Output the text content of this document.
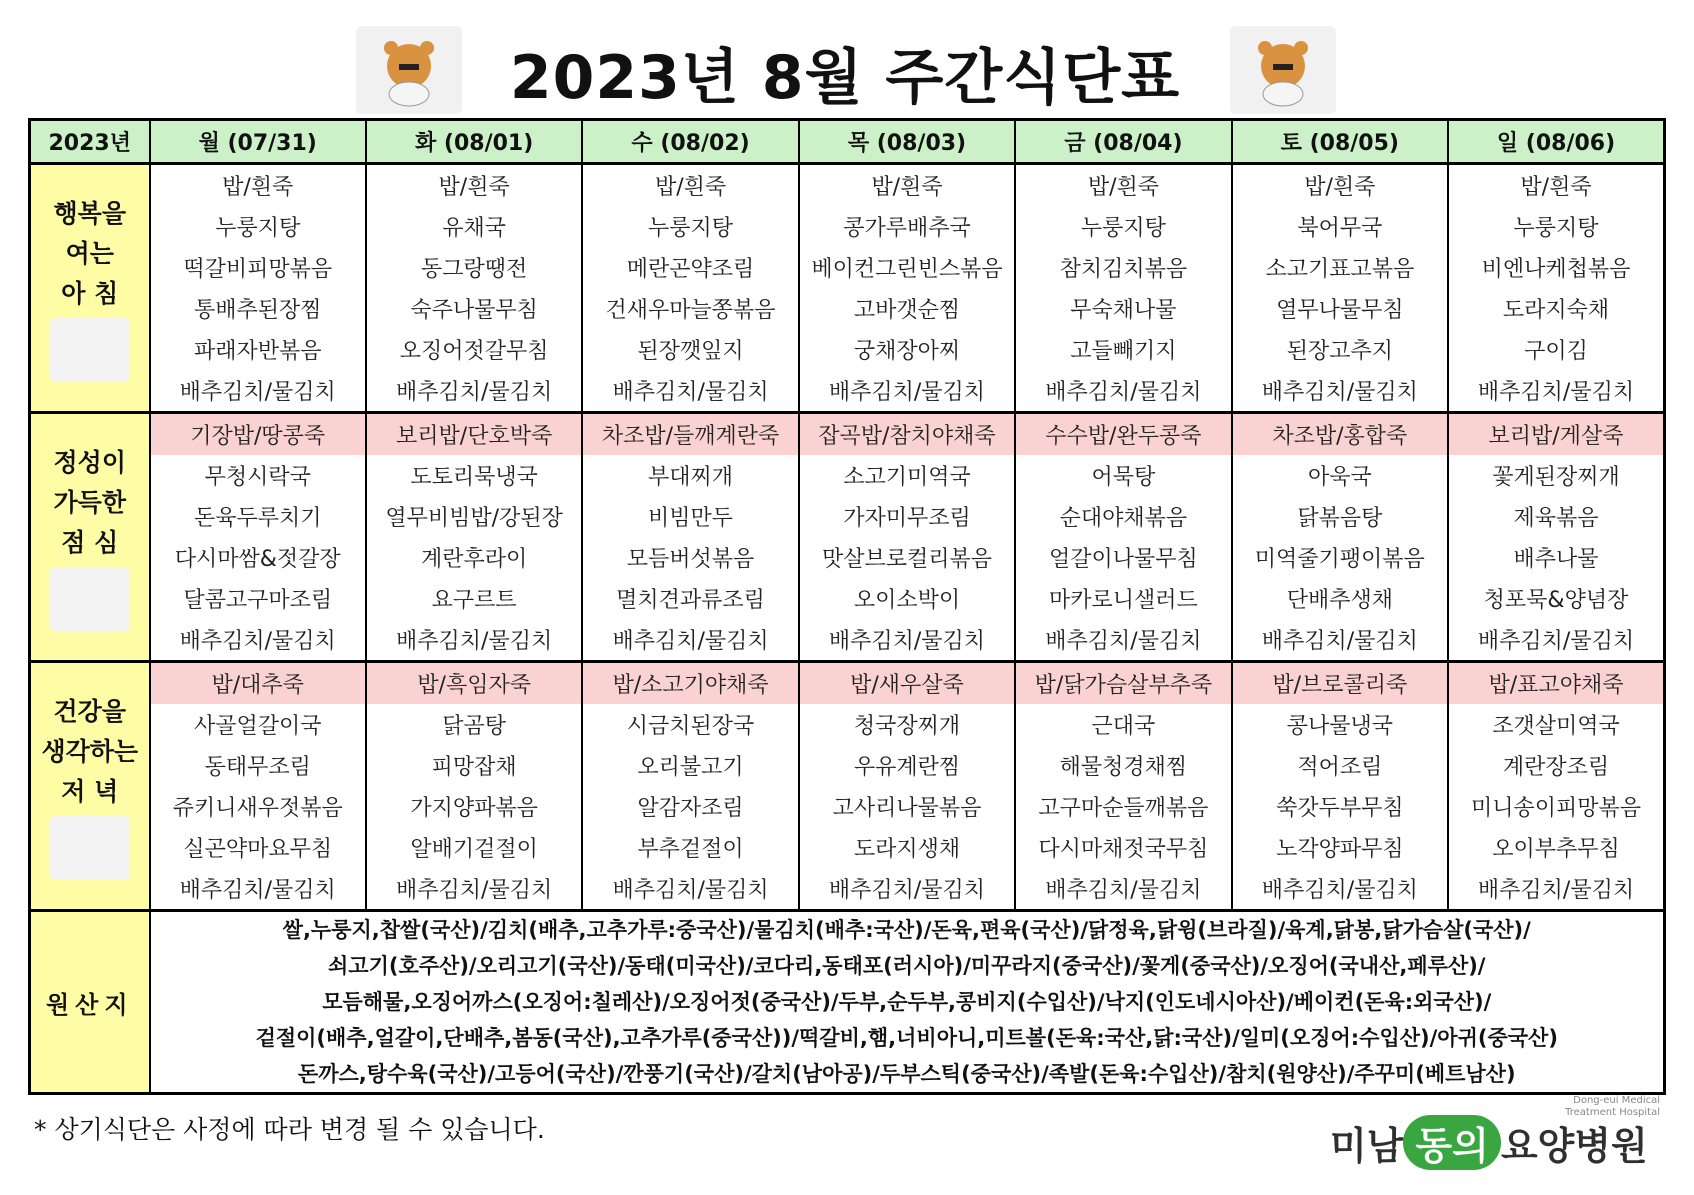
2023년 8월 주간식단표
2023년	월 (07/31)	화 (08/01)	수 (08/02)	목 (08/03)	금 (08/04)	토 (08/05)	일 (08/06)

행복을
여는
아 침	밥/흰죽	밥/흰죽	밥/흰죽	밥/흰죽	밥/흰죽	밥/흰죽	밥/흰죽
	누룽지탕	유채국	누룽지탕	콩가루배추국	누룽지탕	북어무국	누룽지탕
	떡갈비피망볶음	동그랑땡전	메란곤약조림	베이컨그린빈스볶음	참치김치볶음	소고기표고볶음	비엔나케첩볶음
	통배추된장찜	숙주나물무침	건새우마늘쫑볶음	고바갯순찜	무숙채나물	열무나물무침	도라지숙채
	파래자반볶음	오징어젓갈무침	된장깻잎지	궁채장아찌	고들빼기지	된장고추지	구이김
	배추김치/물김치	배추김치/물김치	배추김치/물김치	배추김치/물김치	배추김치/물김치	배추김치/물김치	배추김치/물김치

정성이
가득한
점 심	기장밥/땅콩죽	보리밥/단호박죽	차조밥/들깨계란죽	잡곡밥/참치야채죽	수수밥/완두콩죽	차조밥/홍합죽	보리밥/게살죽
	무청시락국	도토리묵냉국	부대찌개	소고기미역국	어묵탕	아욱국	꽃게된장찌개
	돈육두루치기	열무비빔밥/강된장	비빔만두	가자미무조림	순대야채볶음	닭볶음탕	제육볶음
	다시마쌈&젓갈장	계란후라이	모듬버섯볶음	맛살브로컬리볶음	얼갈이나물무침	미역줄기팽이볶음	배추나물
	달콤고구마조림	요구르트	멸치견과류조림	오이소박이	마카로니샐러드	단배추생채	청포묵&양념장
	배추김치/물김치	배추김치/물김치	배추김치/물김치	배추김치/물김치	배추김치/물김치	배추김치/물김치	배추김치/물김치

건강을
생각하는
저 녁	밥/대추죽	밥/흑임자죽	밥/소고기야채죽	밥/새우살죽	밥/닭가슴살부추죽	밥/브로콜리죽	밥/표고야채죽
	사골얼갈이국	닭곰탕	시금치된장국	청국장찌개	근대국	콩나물냉국	조갯살미역국
	동태무조림	피망잡채	오리불고기	우유계란찜	해물청경채찜	적어조림	계란장조림
	쥬키니새우젓볶음	가지양파볶음	알감자조림	고사리나물볶음	고구마순들깨볶음	쑥갓두부무침	미니송이피망볶음
	실곤약마요무침	알배기겉절이	부추겉절이	도라지생채	다시마채젓국무침	노각양파무침	오이부추무침
	배추김치/물김치	배추김치/물김치	배추김치/물김치	배추김치/물김치	배추김치/물김치	배추김치/물김치	배추김치/물김치
원산지	쌀,누룽지,찹쌀(국산)/김치(배추,고추가루:중국산)/물김치(배추:국산)/돈육,편육(국산)/닭정육,닭윙(브라질)/육계,닭봉,닭가슴살(국산)/
쇠고기(호주산)/오리고기(국산)/동태(미국산)/코다리,동태포(러시아)/미꾸라지(중국산)/꽃게(중국산)/오징어(국내산,페루산)/
모듬해물,오징어까스(오징어:칠레산)/오징어젓(중국산)/두부,순두부,콩비지(수입산)/낙지(인도네시아산)/베이컨(돈육:외국산)/
겉절이(배추,얼갈이,단배추,봄동(국산),고추가루(중국산))/떡갈비,햄,너비아니,미트볼(돈육:국산,닭:국산)/일미(오징어:수입산)/아귀(중국산)
돈까스,탕수육(국산)/고등어(국산)/깐풍기(국산)/갈치(남아공)/두부스틱(중국산)/족발(돈육:수입산)/참치(원양산)/주꾸미(베트남산)						
* 상기식단은 사정에 따라 변경 될 수 있습니다.
Dong-eui Medical
Treatment Hospital
미남 동의 요양병원
